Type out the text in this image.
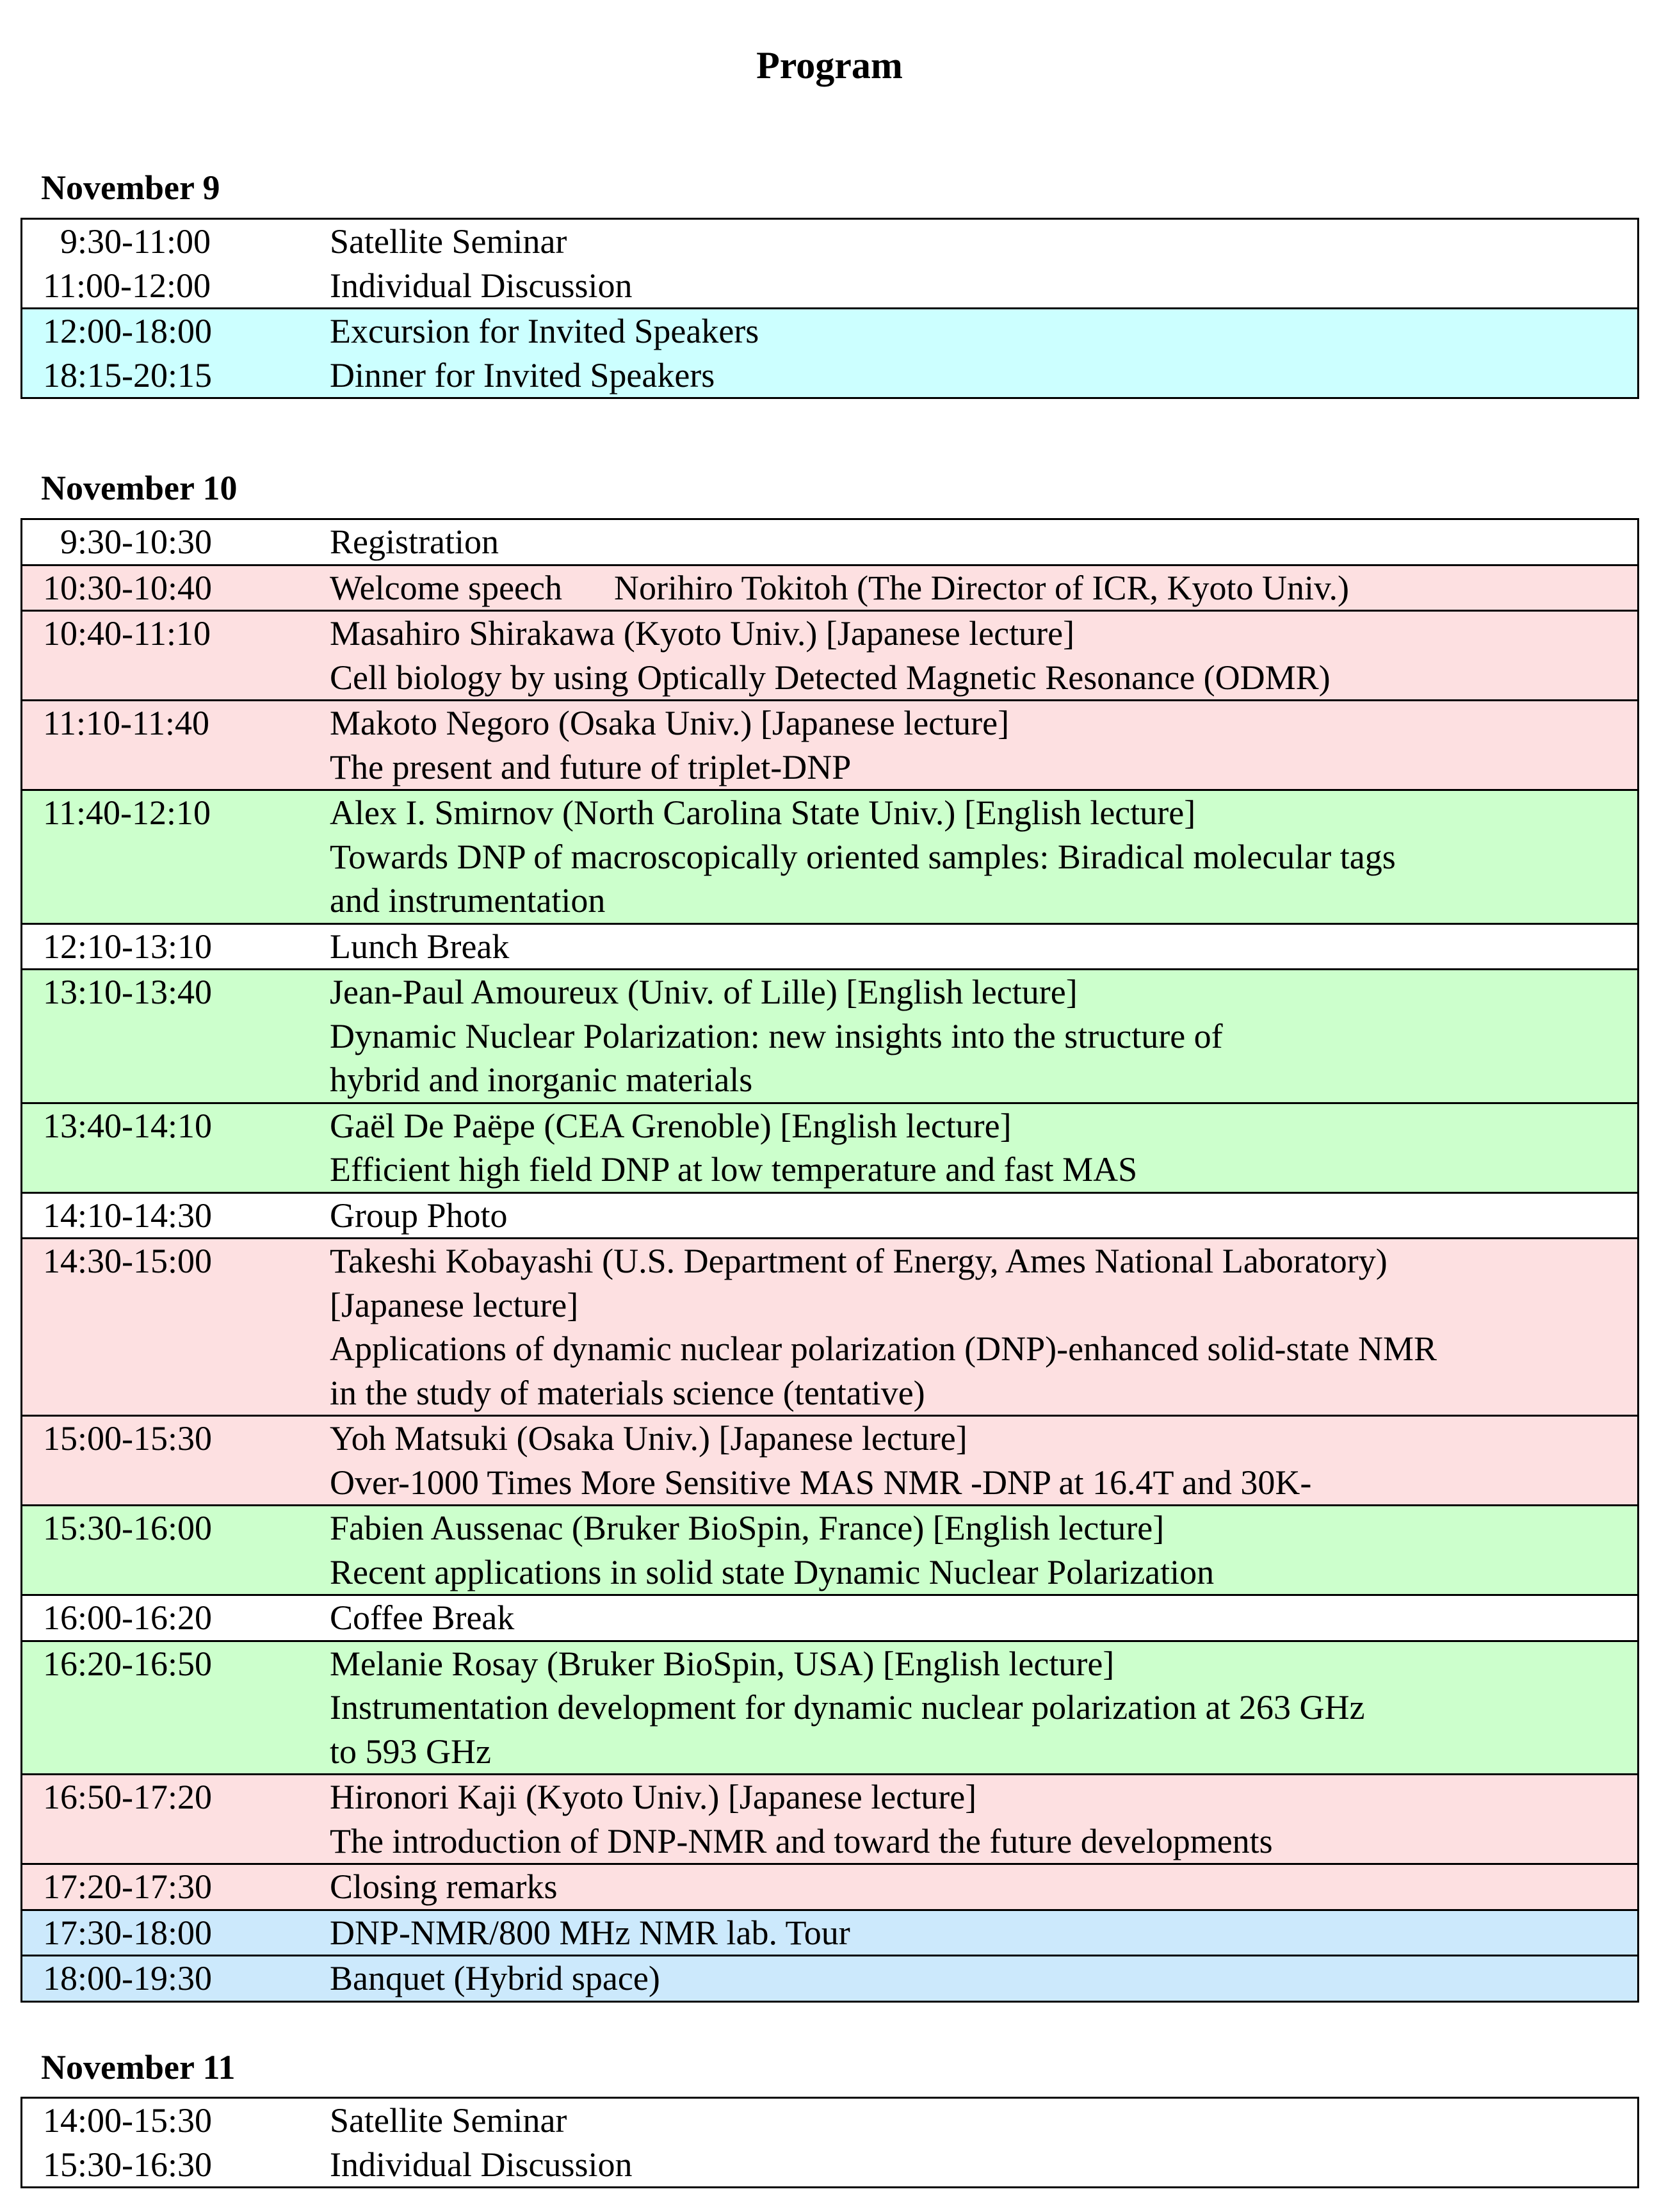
Program
November 9
9:30-11:00	Satellite Seminar
11:00-12:00	Individual Discussion
12:00-18:00	Excursion for Invited Speakers
18:15-20:15	Dinner for Invited Speakers
November 10
9:30-10:30	Registration
10:30-10:40	Welcome speech      Norihiro Tokitoh (The Director of ICR, Kyoto Univ.)
10:40-11:10	Masahiro Shirakawa (Kyoto Univ.) [Japanese lecture]
Cell biology by using Optically Detected Magnetic Resonance (ODMR)
11:10-11:40	Makoto Negoro (Osaka Univ.) [Japanese lecture]
The present and future of triplet-DNP
11:40-12:10	Alex I. Smirnov (North Carolina State Univ.) [English lecture]
Towards DNP of macroscopically oriented samples: Biradical molecular tags
and instrumentation
12:10-13:10	Lunch Break
13:10-13:40	Jean-Paul Amoureux (Univ. of Lille) [English lecture]
Dynamic Nuclear Polarization: new insights into the structure of
hybrid and inorganic materials
13:40-14:10	Gaël De Paëpe (CEA Grenoble) [English lecture]
Efficient high field DNP at low temperature and fast MAS
14:10-14:30	Group Photo
14:30-15:00	Takeshi Kobayashi (U.S. Department of Energy, Ames National Laboratory)
[Japanese lecture]
Applications of dynamic nuclear polarization (DNP)-enhanced solid-state NMR
in the study of materials science (tentative)
15:00-15:30	Yoh Matsuki (Osaka Univ.) [Japanese lecture]
Over-1000 Times More Sensitive MAS NMR -DNP at 16.4T and 30K-
15:30-16:00	Fabien Aussenac (Bruker BioSpin, France) [English lecture]
Recent applications in solid state Dynamic Nuclear Polarization
16:00-16:20	Coffee Break
16:20-16:50	Melanie Rosay (Bruker BioSpin, USA) [English lecture]
Instrumentation development for dynamic nuclear polarization at 263 GHz
to 593 GHz
16:50-17:20	Hironori Kaji (Kyoto Univ.) [Japanese lecture]
The introduction of DNP-NMR and toward the future developments
17:20-17:30	Closing remarks
17:30-18:00	DNP-NMR/800 MHz NMR lab. Tour
18:00-19:30	Banquet (Hybrid space)
November 11
14:00-15:30	Satellite Seminar
15:30-16:30	Individual Discussion
